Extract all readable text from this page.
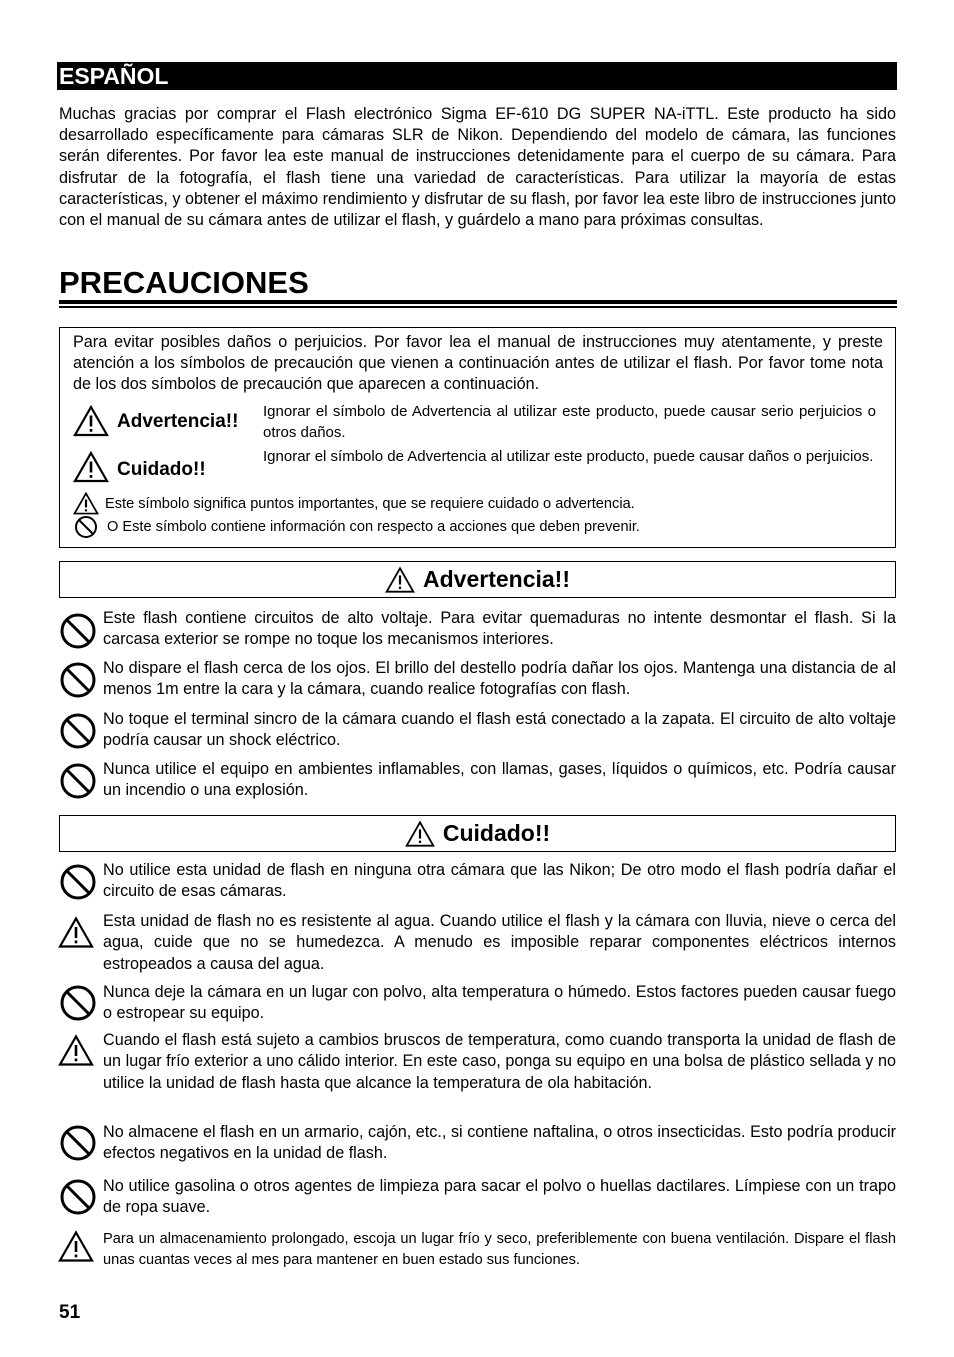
ESPAÑOL
Muchas gracias por comprar el Flash electrónico Sigma EF-610 DG SUPER NA-iTTL. Este producto ha sido desarrollado específicamente para cámaras SLR de Nikon. Dependiendo del modelo de cámara, las funciones serán diferentes. Por favor lea este manual de instrucciones detenidamente para el cuerpo de su cámara. Para disfrutar de la fotografía, el flash tiene una variedad de características. Para utilizar la mayoría de estas características, y obtener el máximo rendimiento y disfrutar de su flash, por favor lea este libro de instrucciones junto con el manual de su cámara antes de utilizar el flash, y guárdelo a mano para próximas consultas.
PRECAUCIONES
Para evitar posibles daños o perjuicios. Por favor lea el manual de instrucciones muy atentamente, y preste atención a los símbolos de precaución que vienen a continuación antes de utilizar el flash. Por favor tome nota de los dos símbolos de precaución que aparecen a continuación.
Advertencia!! Ignorar el símbolo de Advertencia al utilizar este producto, puede causar serio perjuicios o otros daños.
Cuidado!!
Ignorar el símbolo de Advertencia al utilizar este producto, puede causar daños o perjuicios.
Este símbolo significa puntos importantes, que se requiere cuidado o advertencia.
O Este símbolo contiene información con respecto a acciones que deben prevenir.
Advertencia!!
Este flash contiene circuitos de alto voltaje. Para evitar quemaduras no intente desmontar el flash. Si la carcasa exterior se rompe no toque los mecanismos interiores.
No dispare el flash cerca de los ojos. El brillo del destello podría dañar los ojos. Mantenga una distancia de al menos 1m entre la cara y la cámara, cuando realice fotografías con flash.
No toque el terminal sincro de la cámara cuando el flash está conectado a la zapata. El circuito de alto voltaje podría causar un shock eléctrico.
Nunca utilice el equipo en ambientes inflamables, con llamas, gases, líquidos o químicos, etc. Podría causar un incendio o una explosión.
Cuidado!!
No utilice esta unidad de flash en ninguna otra cámara que las Nikon; De otro modo el flash podría dañar el circuito de esas cámaras.
Esta unidad de flash no es resistente al agua. Cuando utilice el flash y la cámara con lluvia, nieve o cerca del agua, cuide que no se humedezca. A menudo es imposible reparar componentes eléctricos internos estropeados a causa del agua.
Nunca deje la cámara en un lugar con polvo, alta temperatura o húmedo. Estos factores pueden causar fuego o estropear su equipo.
Cuando el flash está sujeto a cambios bruscos de temperatura, como cuando transporta la unidad de flash de un lugar frío exterior a uno cálido interior. En este caso, ponga su equipo en una bolsa de plástico sellada y no utilice la unidad de flash hasta que alcance la temperatura de ola habitación.
No almacene el flash en un armario, cajón, etc., si contiene naftalina, o otros insecticidas. Esto podría producir efectos negativos en la unidad de flash.
No utilice gasolina o otros agentes de limpieza para sacar el polvo o huellas dactilares. Límpiese con un trapo de ropa suave.
Para un almacenamiento prolongado, escoja un lugar frío y seco, preferiblemente con buena ventilación. Dispare el flash unas cuantas veces al mes para mantener en buen estado sus funciones.
51
